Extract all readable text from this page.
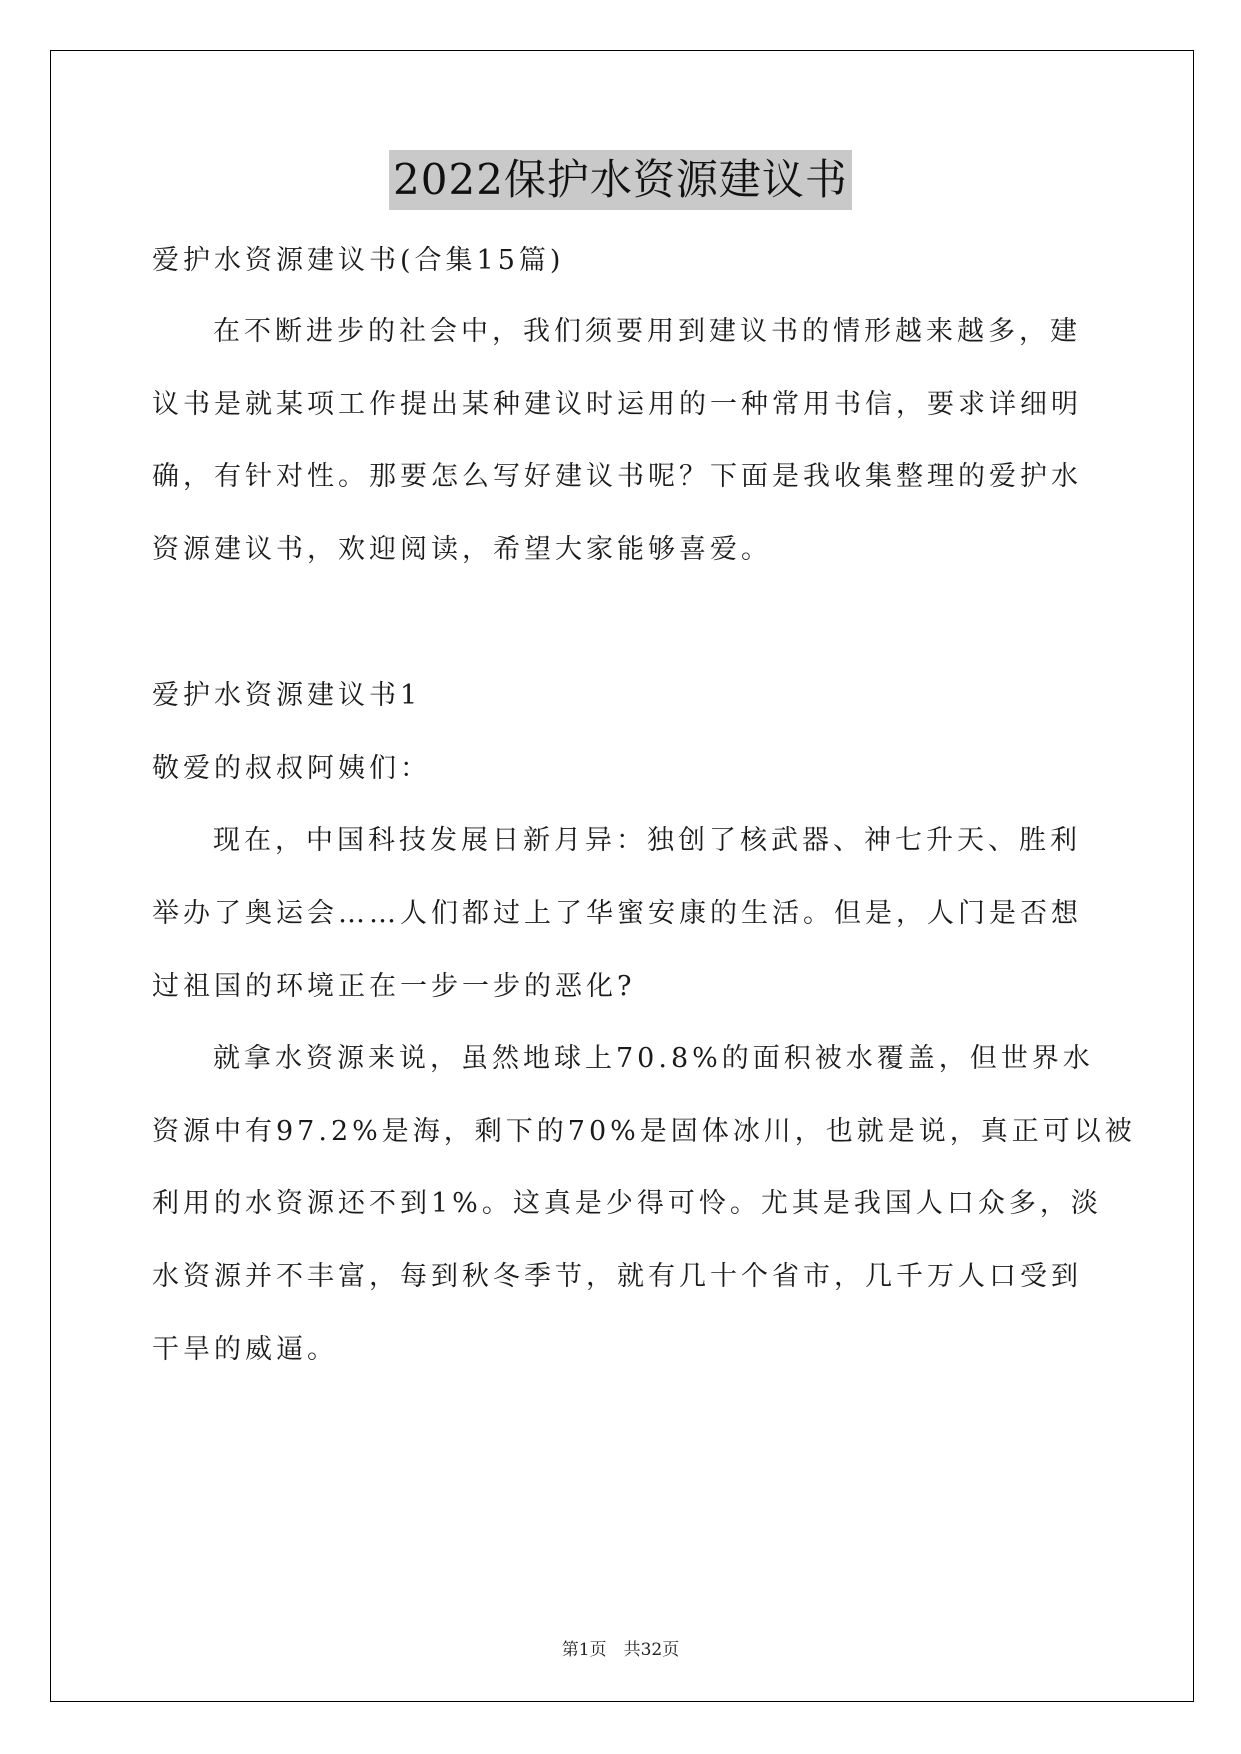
2022保护水资源建议书
爱护水资源建议书(合集15篇)
在不断进步的社会中，我们须要用到建议书的情形越来越多，建
议书是就某项工作提出某种建议时运用的一种常用书信，要求详细明
确，有针对性。那要怎么写好建议书呢？下面是我收集整理的爱护水
资源建议书，欢迎阅读，希望大家能够喜爱。
爱护水资源建议书1
敬爱的叔叔阿姨们：
现在，中国科技发展日新月异：独创了核武器、神七升天、胜利
举办了奥运会……人们都过上了华蜜安康的生活。但是，人门是否想
过祖国的环境正在一步一步的恶化?
就拿水资源来说，虽然地球上70.8%的面积被水覆盖，但世界水
资源中有97.2%是海，剩下的70%是固体冰川，也就是说，真正可以被
利用的水资源还不到1%。这真是少得可怜。尤其是我国人口众多，淡
水资源并不丰富，每到秋冬季节，就有几十个省市，几千万人口受到
干旱的威逼。
第1页　共32页
